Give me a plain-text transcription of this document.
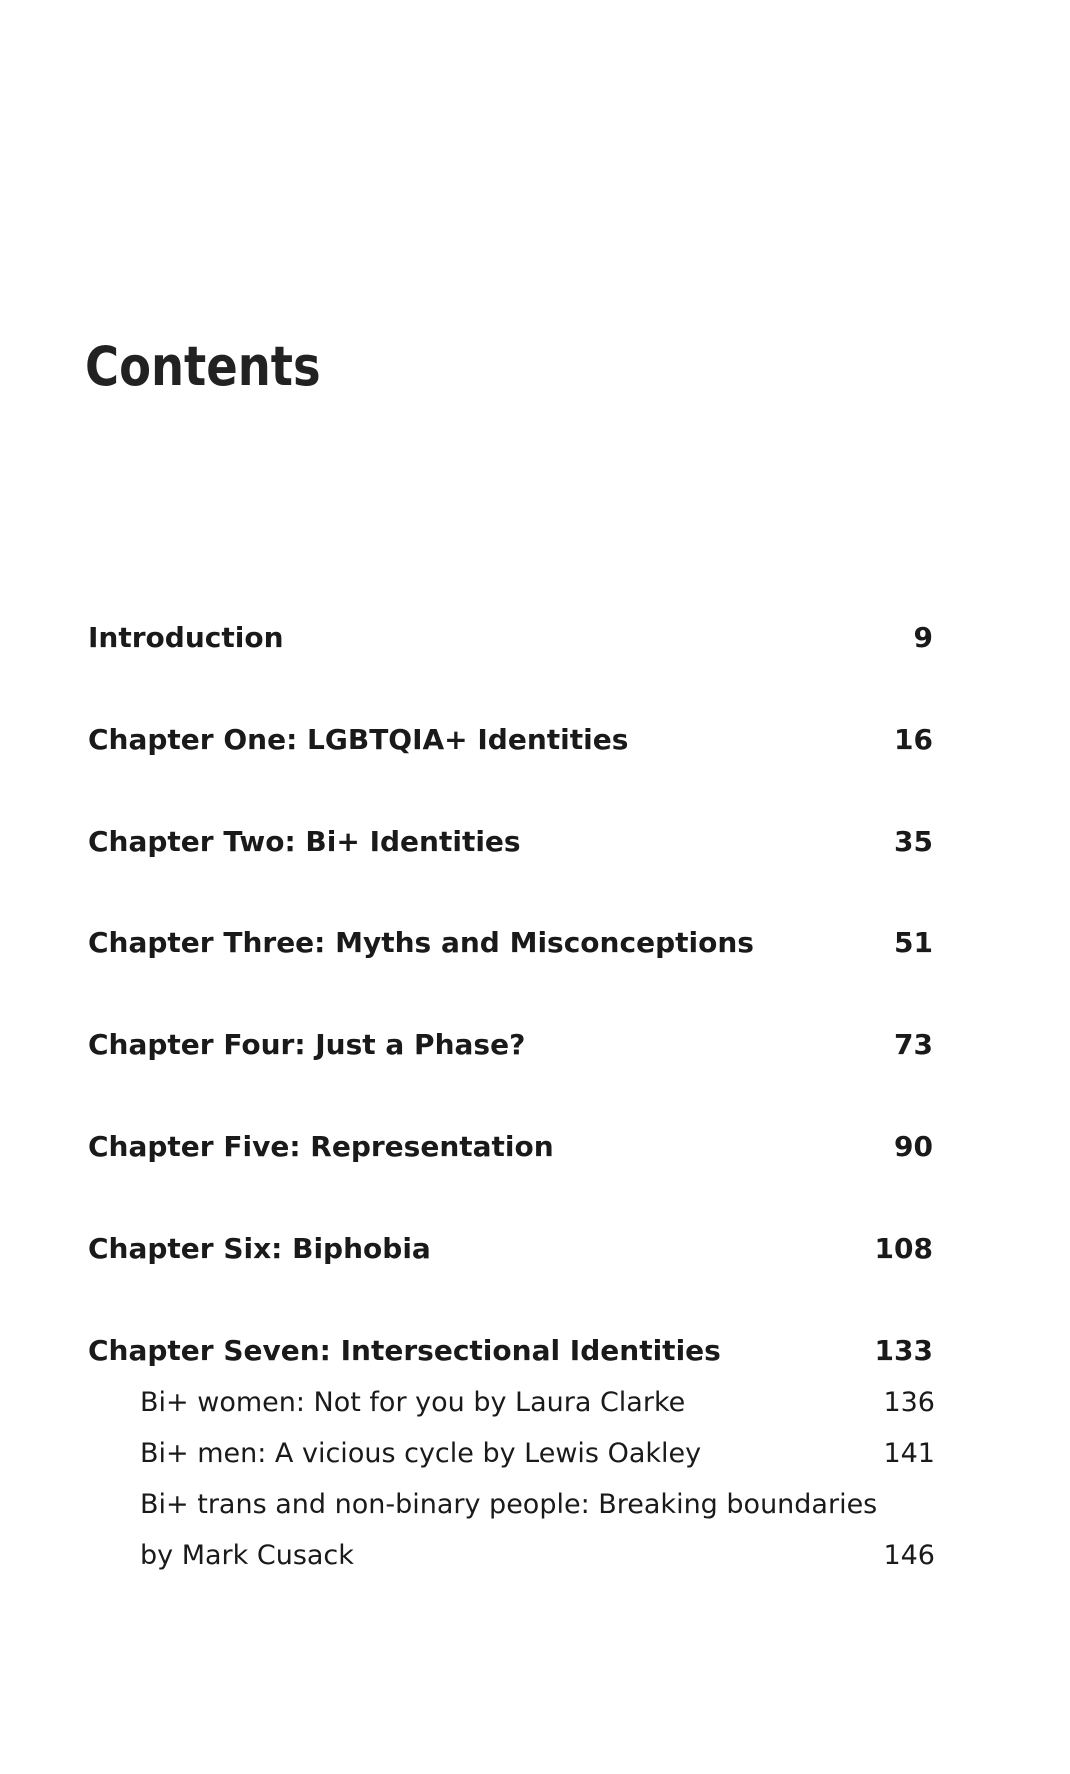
Contents
Introduction	9
Chapter One: LGBTQIA+ Identities	16
Chapter Two: Bi+ Identities	35
Chapter Three: Myths and Misconceptions	51
Chapter Four: Just a Phase?	73
Chapter Five: Representation	90
Chapter Six: Biphobia	108
Chapter Seven: Intersectional Identities	133
Bi+ women: Not for you by Laura Clarke	136
Bi+ men: A vicious cycle by Lewis Oakley	141
Bi+ trans and non-binary people: Breaking boundaries
by Mark Cusack	146
